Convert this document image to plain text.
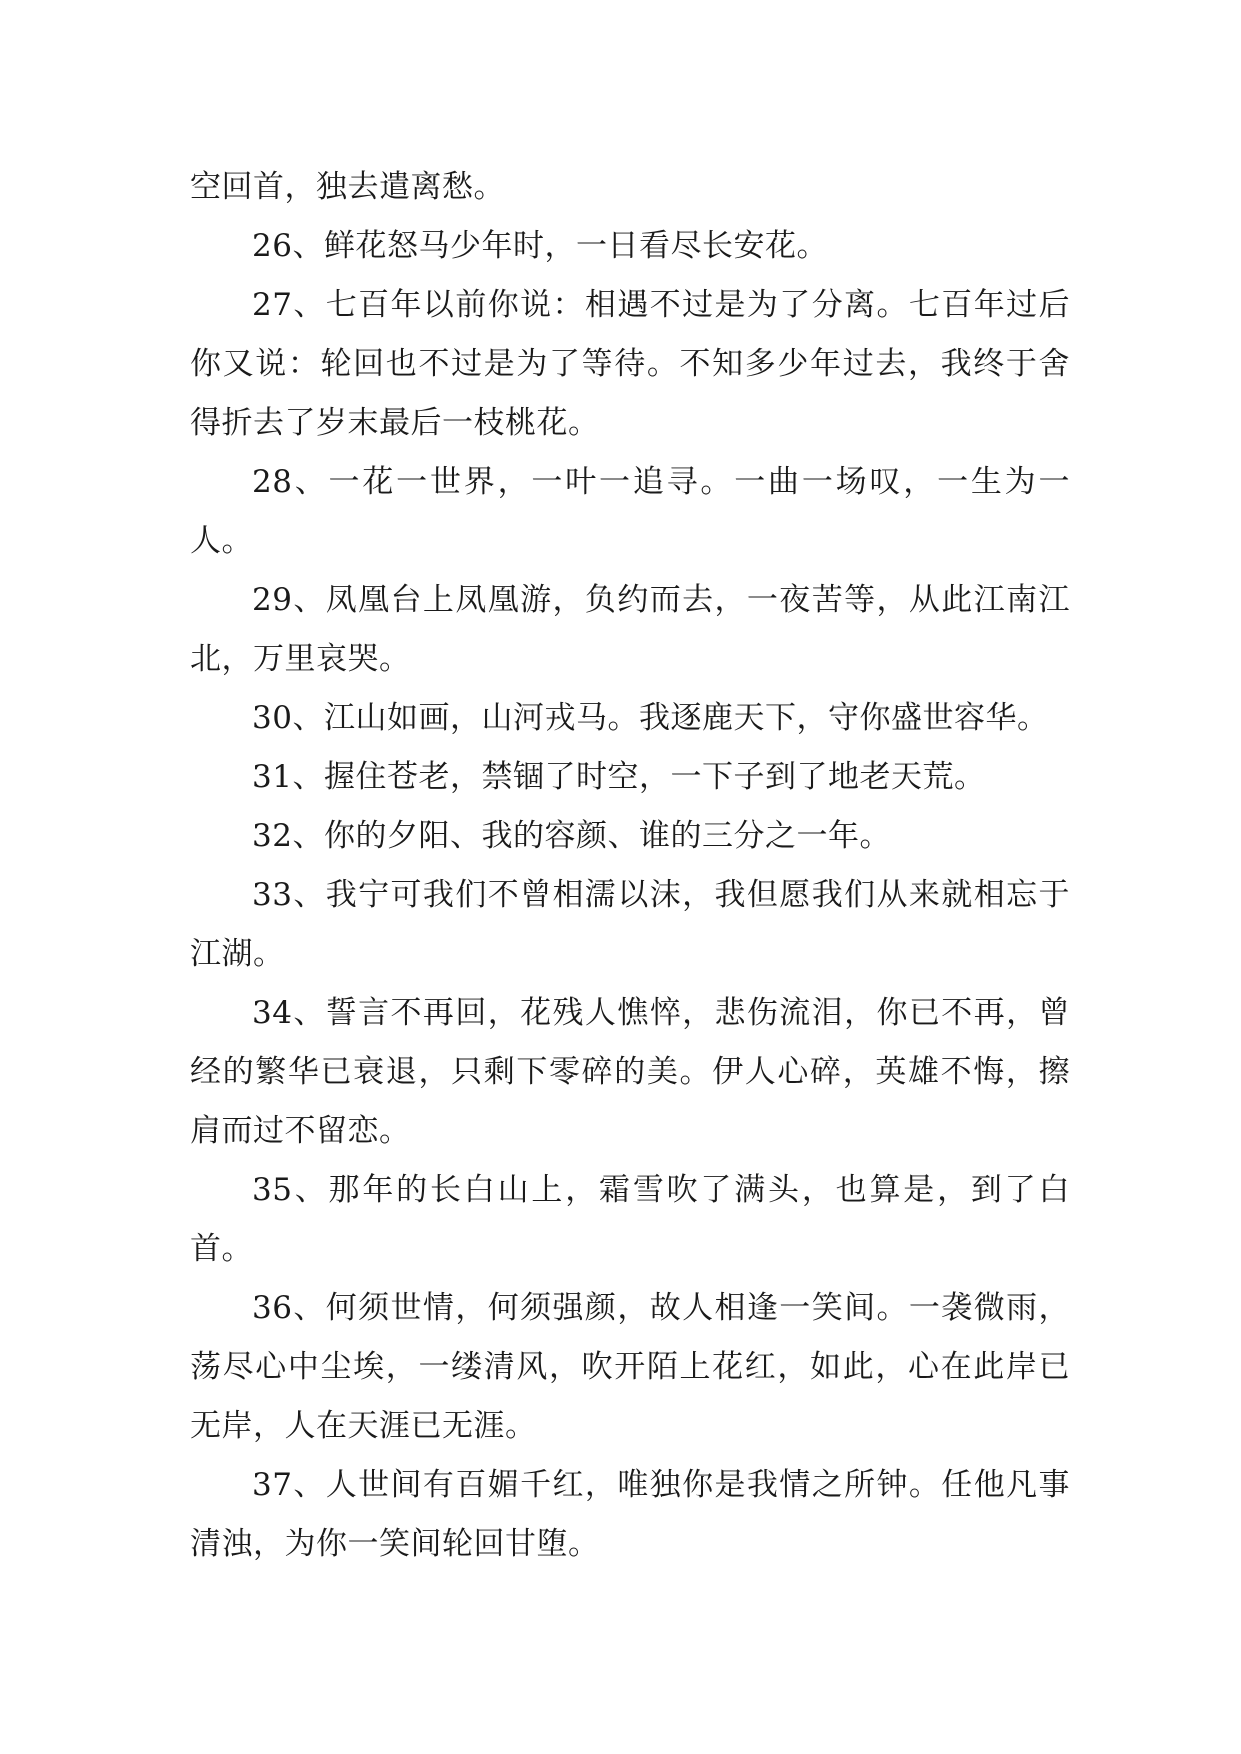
空回首，独去遣离愁。

26、鲜花怒马少年时，一日看尽长安花。

27、七百年以前你说：相遇不过是为了分离。七百年过后你又说：轮回也不过是为了等待。不知多少年过去，我终于舍得折去了岁末最后一枝桃花。

28、一花一世界，一叶一追寻。一曲一场叹，一生为一人。

29、凤凰台上凤凰游，负约而去，一夜苦等，从此江南江北，万里哀哭。

30、江山如画，山河戎马。我逐鹿天下，守你盛世容华。

31、握住苍老，禁锢了时空，一下子到了地老天荒。

32、你的夕阳、我的容颜、谁的三分之一年。

33、我宁可我们不曾相濡以沫，我但愿我们从来就相忘于江湖。

34、誓言不再回，花残人憔悴，悲伤流泪，你已不再，曾经的繁华已衰退，只剩下零碎的美。伊人心碎，英雄不悔，擦肩而过不留恋。

35、那年的长白山上，霜雪吹了满头，也算是，到了白首。

36、何须世情，何须强颜，故人相逢一笑间。一袭微雨，荡尽心中尘埃，一缕清风，吹开陌上花红，如此，心在此岸已无岸，人在天涯已无涯。

37、人世间有百媚千红，唯独你是我情之所钟。任他凡事清浊，为你一笑间轮回甘堕。
